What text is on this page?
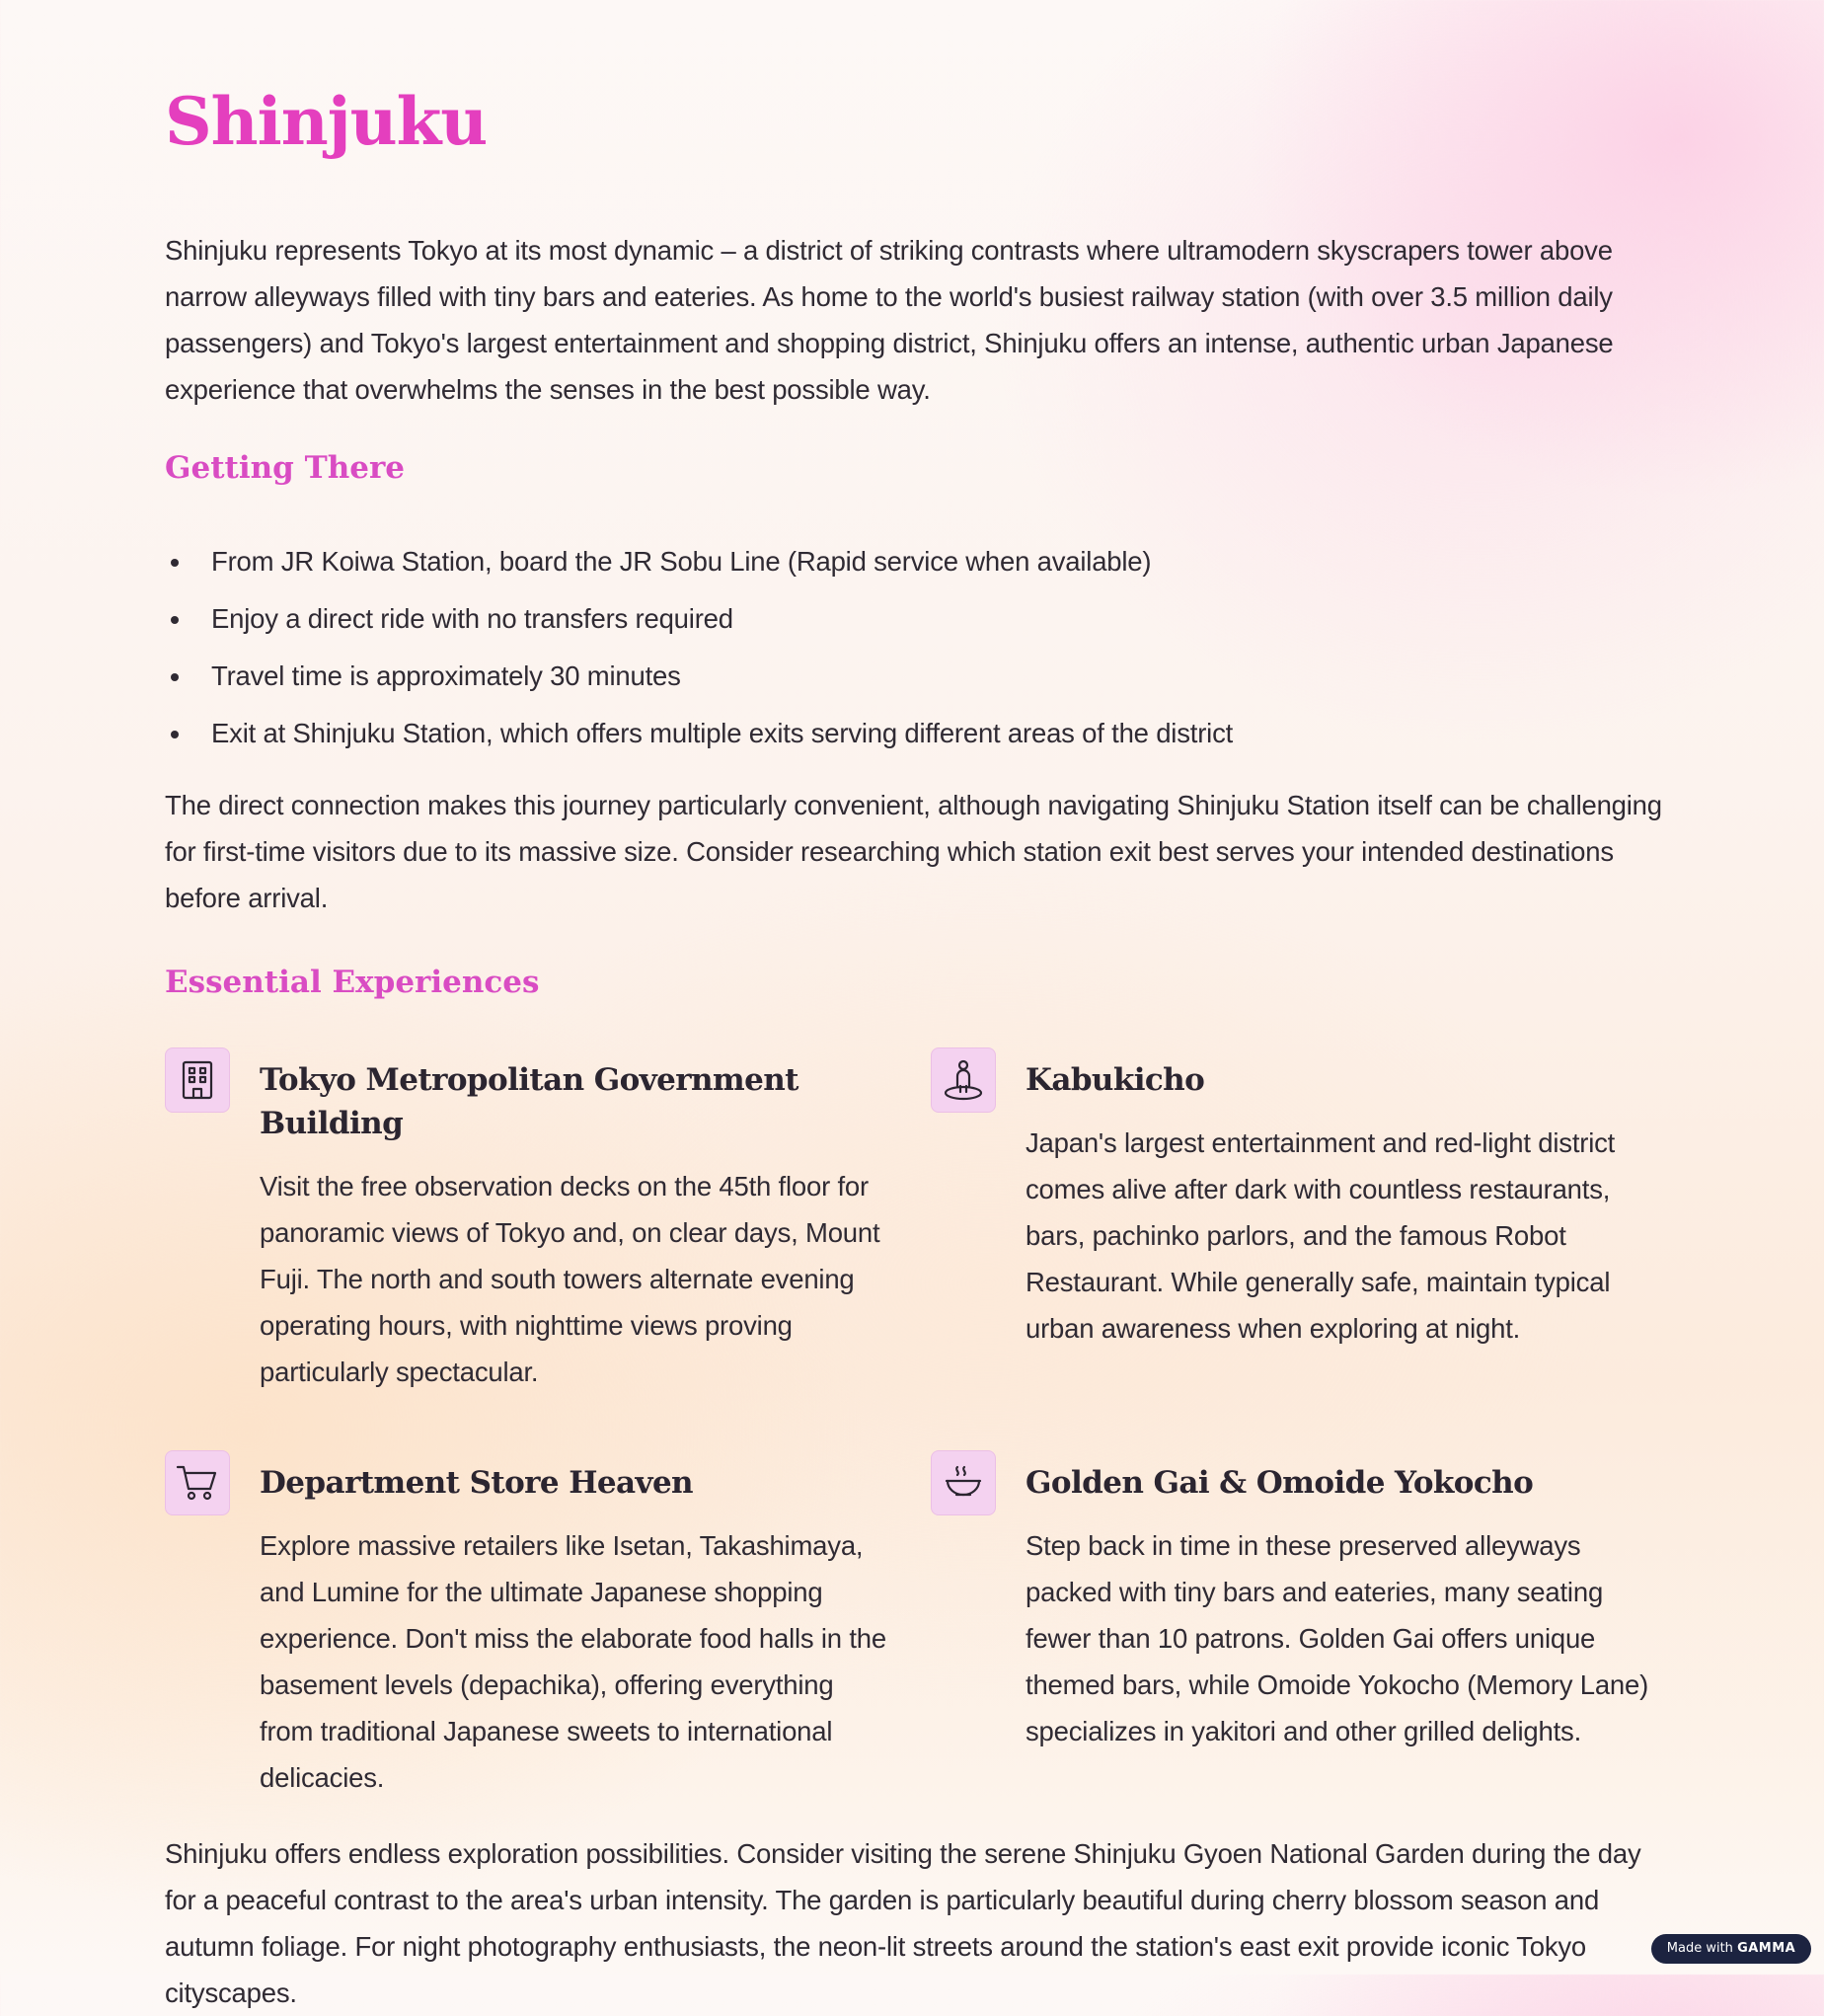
Shinjuku

Shinjuku represents Tokyo at its most dynamic – a district of striking contrasts where ultramodern skyscrapers tower above narrow alleyways filled with tiny bars and eateries. As home to the world's busiest railway station (with over 3.5 million daily passengers) and Tokyo's largest entertainment and shopping district, Shinjuku offers an intense, authentic urban Japanese experience that overwhelms the senses in the best possible way.

Getting There
From JR Koiwa Station, board the JR Sobu Line (Rapid service when available)
Enjoy a direct ride with no transfers required
Travel time is approximately 30 minutes
Exit at Shinjuku Station, which offers multiple exits serving different areas of the district

The direct connection makes this journey particularly convenient, although navigating Shinjuku Station itself can be challenging for first-time visitors due to its massive size. Consider researching which station exit best serves your intended destinations before arrival.

Essential Experiences
Tokyo Metropolitan Government Building

Visit the free observation decks on the 45th floor for panoramic views of Tokyo and, on clear days, Mount Fuji. The north and south towers alternate evening operating hours, with nighttime views proving particularly spectacular.

Kabukicho

Japan's largest entertainment and red-light district comes alive after dark with countless restaurants, bars, pachinko parlors, and the famous Robot Restaurant. While generally safe, maintain typical urban awareness when exploring at night.

Department Store Heaven

Explore massive retailers like Isetan, Takashimaya, and Lumine for the ultimate Japanese shopping experience. Don't miss the elaborate food halls in the basement levels (depachika), offering everything from traditional Japanese sweets to international delicacies.

Golden Gai & Omoide Yokocho

Step back in time in these preserved alleyways packed with tiny bars and eateries, many seating fewer than 10 patrons. Golden Gai offers unique themed bars, while Omoide Yokocho (Memory Lane) specializes in yakitori and other grilled delights.

Shinjuku offers endless exploration possibilities. Consider visiting the serene Shinjuku Gyoen National Garden during the day for a peaceful contrast to the area's urban intensity. The garden is particularly beautiful during cherry blossom season and autumn foliage. For night photography enthusiasts, the neon-lit streets around the station's east exit provide iconic Tokyo cityscapes.

Made with GAMMA
